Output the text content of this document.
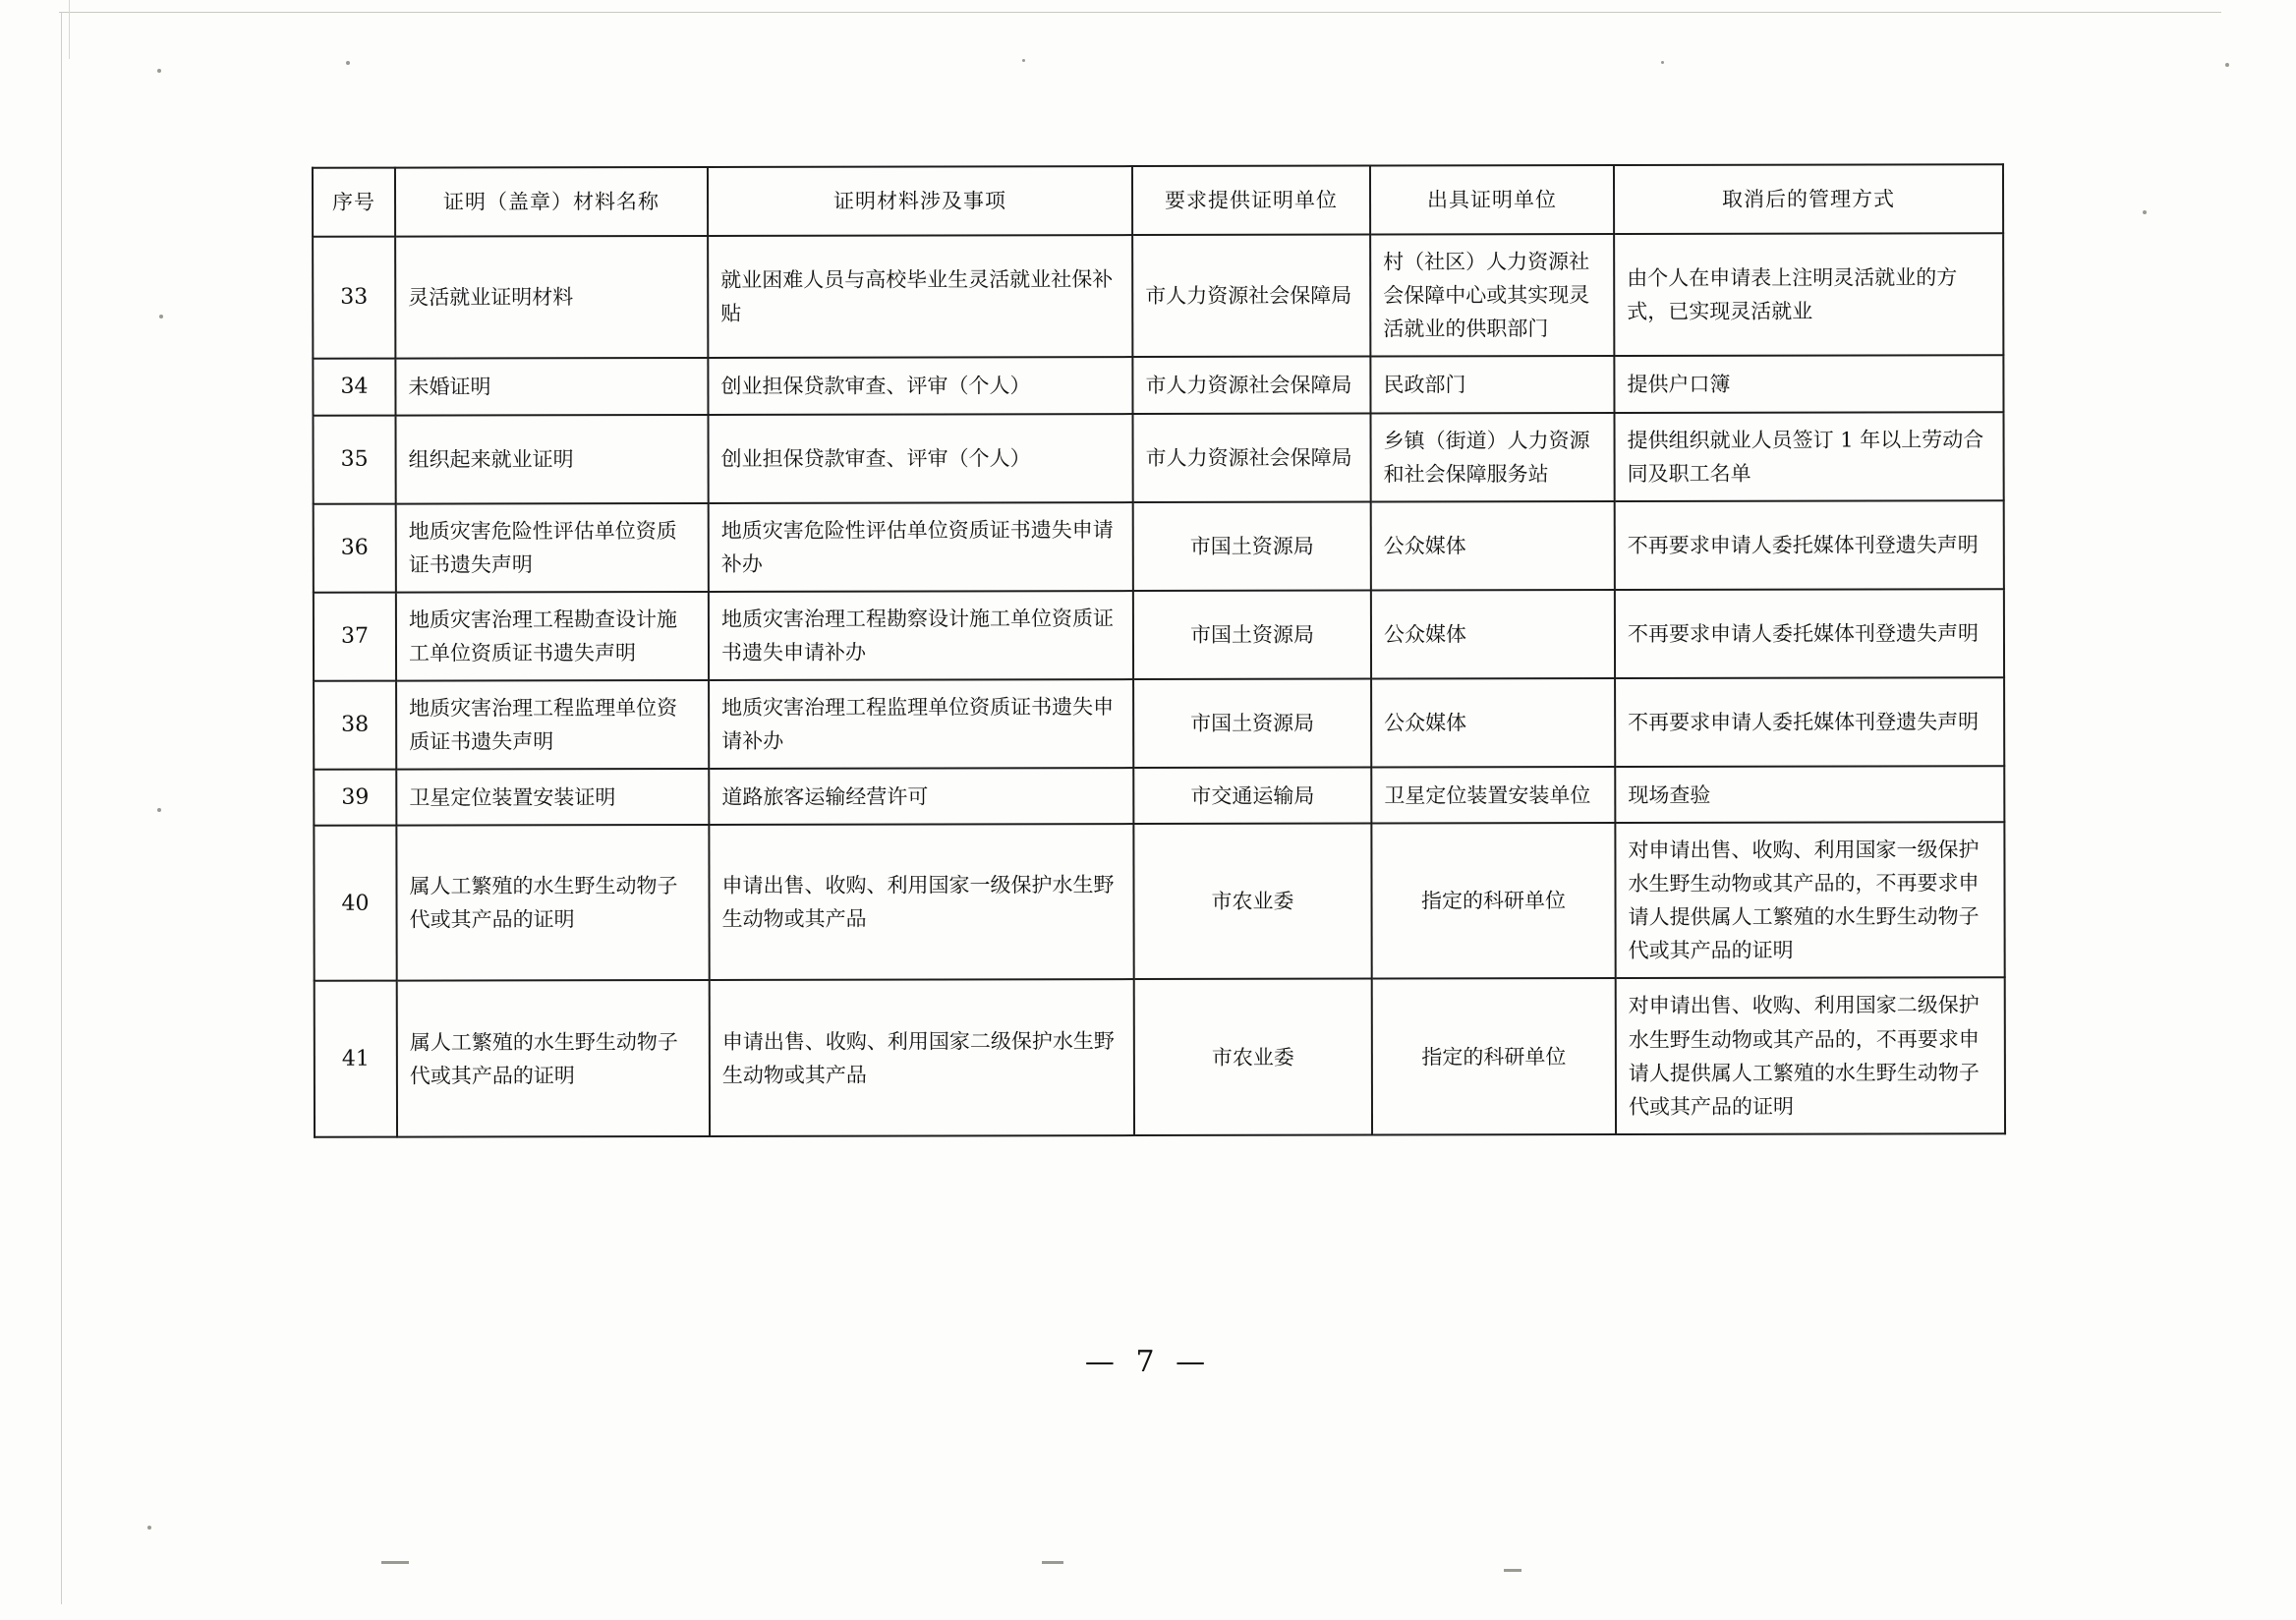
序号	证明（盖章）材料名称	证明材料涉及事项	要求提供证明单位	出具证明单位	取消后的管理方式
33	灵活就业证明材料	就业困难人员与高校毕业生灵活就业社保补贴	市人力资源社会保障局	村（社区）人力资源社会保障中心或其实现灵活就业的供职部门	由个人在申请表上注明灵活就业的方式，已实现灵活就业
34	未婚证明	创业担保贷款审查、评审（个人）	市人力资源社会保障局	民政部门	提供户口簿
35	组织起来就业证明	创业担保贷款审查、评审（个人）	市人力资源社会保障局	乡镇（街道）人力资源和社会保障服务站	提供组织就业人员签订 1 年以上劳动合同及职工名单
36	地质灾害危险性评估单位资质证书遗失声明	地质灾害危险性评估单位资质证书遗失申请补办	市国土资源局	公众媒体	不再要求申请人委托媒体刊登遗失声明
37	地质灾害治理工程勘查设计施工单位资质证书遗失声明	地质灾害治理工程勘察设计施工单位资质证书遗失申请补办	市国土资源局	公众媒体	不再要求申请人委托媒体刊登遗失声明
38	地质灾害治理工程监理单位资质证书遗失声明	地质灾害治理工程监理单位资质证书遗失申请补办	市国土资源局	公众媒体	不再要求申请人委托媒体刊登遗失声明
39	卫星定位装置安装证明	道路旅客运输经营许可	市交通运输局	卫星定位装置安装单位	现场查验
40	属人工繁殖的水生野生动物子代或其产品的证明	申请出售、收购、利用国家一级保护水生野生动物或其产品	市农业委	指定的科研单位	对申请出售、收购、利用国家一级保护水生野生动物或其产品的，不再要求申请人提供属人工繁殖的水生野生动物子代或其产品的证明
41	属人工繁殖的水生野生动物子代或其产品的证明	申请出售、收购、利用国家二级保护水生野生动物或其产品	市农业委	指定的科研单位	对申请出售、收购、利用国家二级保护水生野生动物或其产品的，不再要求申请人提供属人工繁殖的水生野生动物子代或其产品的证明
— 7 —
